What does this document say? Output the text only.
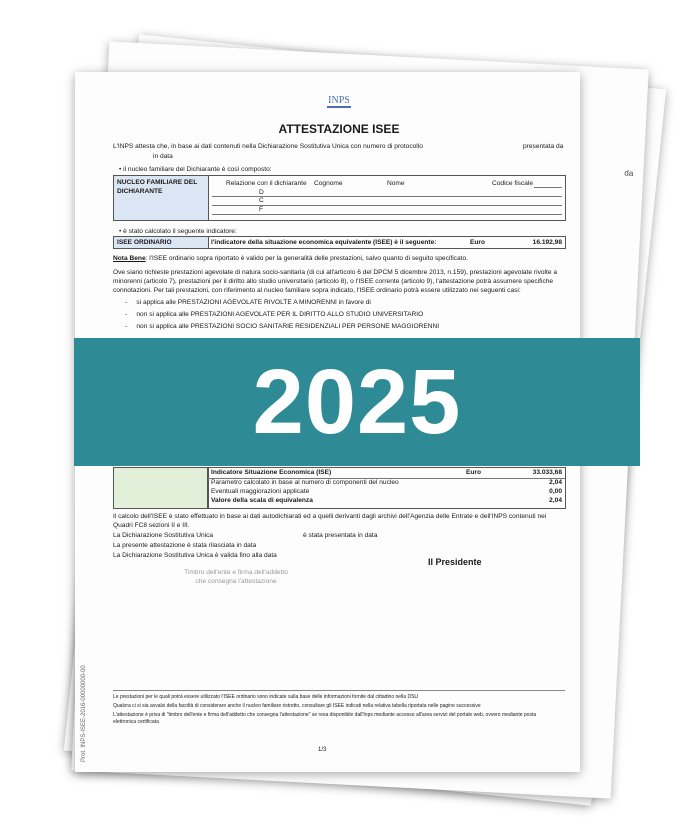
da
Prot. INPS-ISEE-2016-00000000-00
INPS
ATTESTAZIONE ISEE
L'INPS attesta che, in base ai dati contenuti nella Dichiarazione Sostitutiva Unica con numero di protocollo	presentata da
in data
• il nucleo familiare del Dichiarante è così composto:
NUCLEO FAMILIARE DEL DICHIARANTE
Relazione con il dichiarante Cognome	Nome	Codice fiscale
D
C
F
• è stato calcolato il seguente indicatore:
ISEE ORDINARIO	l'indicatore della situazione economica equivalente (ISEE) è il seguente:	Euro	16.192,98
Nota Bene: l'ISEE ordinario sopra riportato è valido per la generalità delle prestazioni, salvo quanto di seguito specificato.
Ove siano richieste prestazioni agevolate di natura socio-sanitaria (di cui all'articolo 6 del DPCM 5 dicembre 2013, n.159), prestazioni agevolate rivolte a
minorenni (articolo 7), prestazioni per il diritto allo studio universitario (articolo 8), o l'ISEE corrente (articolo 9), l'attestazione potrà assumere specifiche
connotazioni. Per tali prestazioni, con riferimento al nucleo familiare sopra indicato, l'ISEE ordinario potrà essere utilizzato nei seguenti casi:
-     si applica alle PRESTAZIONI AGEVOLATE RIVOLTE A MINORENNI in favore di
-     non si applica alle PRESTAZIONI AGEVOLATE PER IL DIRITTO ALLO STUDIO UNIVERSITARIO
-     non si applica alle PRESTAZIONI SOCIO SANITARIE RESIDENZIALI PER PERSONE MAGGIORENNI
Indicatore Situazione Economica (ISE)	Euro	33.033,68
Parametro calcolato in base al numero di componenti del nucleo	2,04
Eventuali maggiorazioni applicate	0,00
Valore della scala di equivalenza	2,04
Il calcolo dell'ISEE è stato effettuato in base ai dati autodichiarati ed a quelli derivanti dagli archivi dell'Agenzia delle Entrate e dell'INPS contenuti nei
Quadri FC8 sezioni II e III.
La Dichiarazione Sostitutiva Unica	è stata presentata in data
La presente attestazione è stata rilasciata in data
La Dichiarazione Sostitutiva Unica è valida fino alla data
Il Presidente
Timbro dell'ente e firma dell'addetto
che consegna l'attestazione
Le prestazioni per le quali potrà essere utilizzato l'ISEE ordinario sono indicate sulla base delle informazioni fornite dal cittadino nella DSU
Qualora ci si sia avvalsi della facoltà di considerare anche il nucleo familiare ristretto, consultare gli ISEE indicati nella relativa tabella riportata nelle pagine successive
L'attestazione è priva di "timbro dell'ente e firma dell'addetto che consegna l'attestazione" se resa disponibile dall'Inps mediante accesso all'area servizi del portale web, ovvero mediante posta
elettronica certificata
1/3
2025
